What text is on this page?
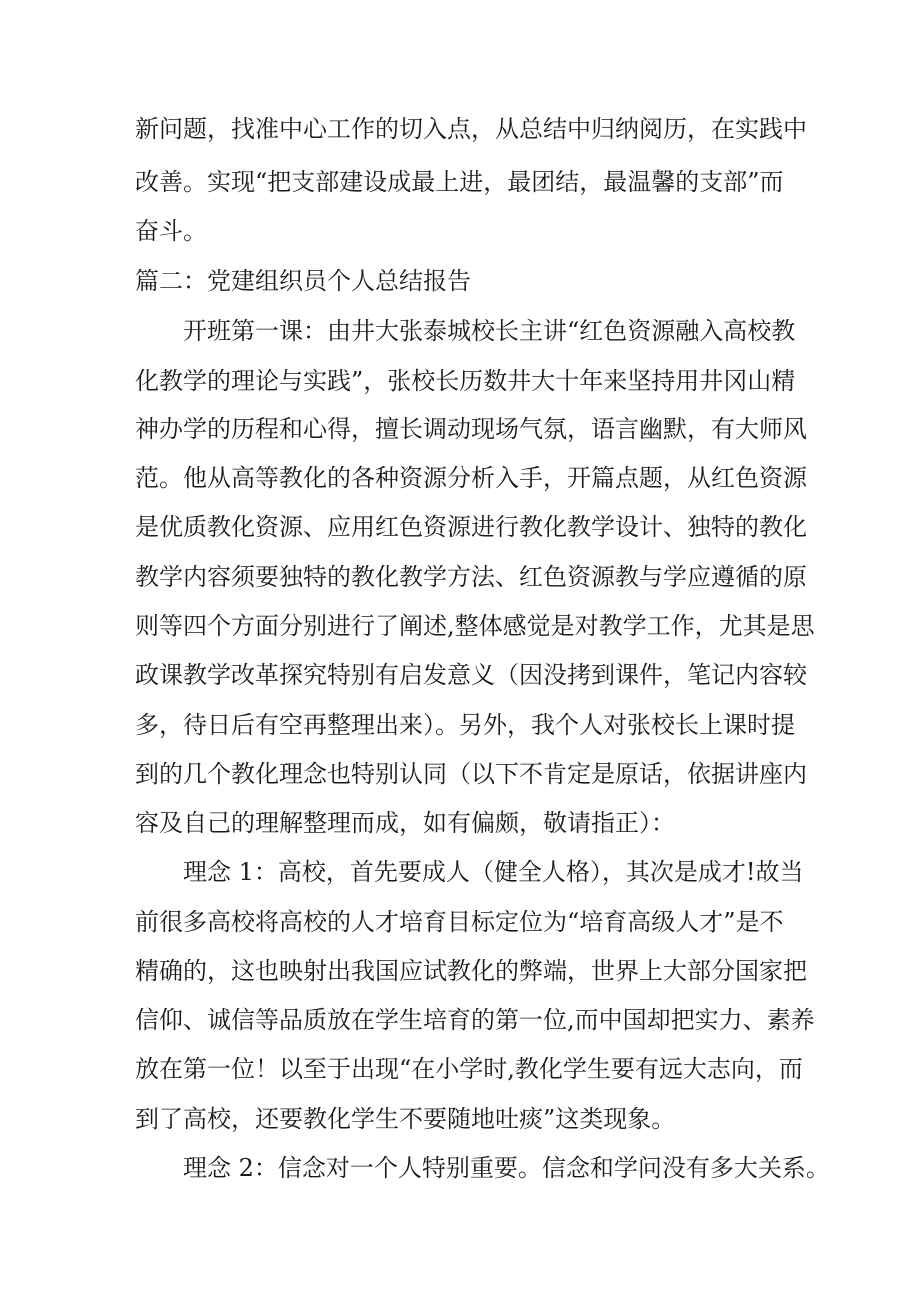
新问题，找准中心工作的切入点，从总结中归纳阅历，在实践中
改善。实现“把支部建设成最上进，最团结，最温馨的支部”而
奋斗。
篇二：党建组织员个人总结报告
开班第一课：由井大张泰城校长主讲“红色资源融入高校教
化教学的理论与实践”，张校长历数井大十年来坚持用井冈山精
神办学的历程和心得，擅长调动现场气氛，语言幽默，有大师风
范。他从高等教化的各种资源分析入手，开篇点题，从红色资源
是优质教化资源、应用红色资源进行教化教学设计、独特的教化
教学内容须要独特的教化教学方法、红色资源教与学应遵循的原
则等四个方面分别进行了阐述,整体感觉是对教学工作，尤其是思
政课教学改革探究特别有启发意义（因没拷到课件，笔记内容较
多，待日后有空再整理出来）。另外，我个人对张校长上课时提
到的几个教化理念也特别认同（以下不肯定是原话，依据讲座内
容及自己的理解整理而成，如有偏颇，敬请指正）：
理念 1：高校，首先要成人（健全人格），其次是成才!故当
前很多高校将高校的人才培育目标定位为“培育高级人才”是不
精确的，这也映射出我国应试教化的弊端，世界上大部分国家把
信仰、诚信等品质放在学生培育的第一位,而中国却把实力、素养
放在第一位！以至于出现“在小学时,教化学生要有远大志向，而
到了高校，还要教化学生不要随地吐痰”这类现象。
理念 2：信念对一个人特别重要。信念和学问没有多大关系。
